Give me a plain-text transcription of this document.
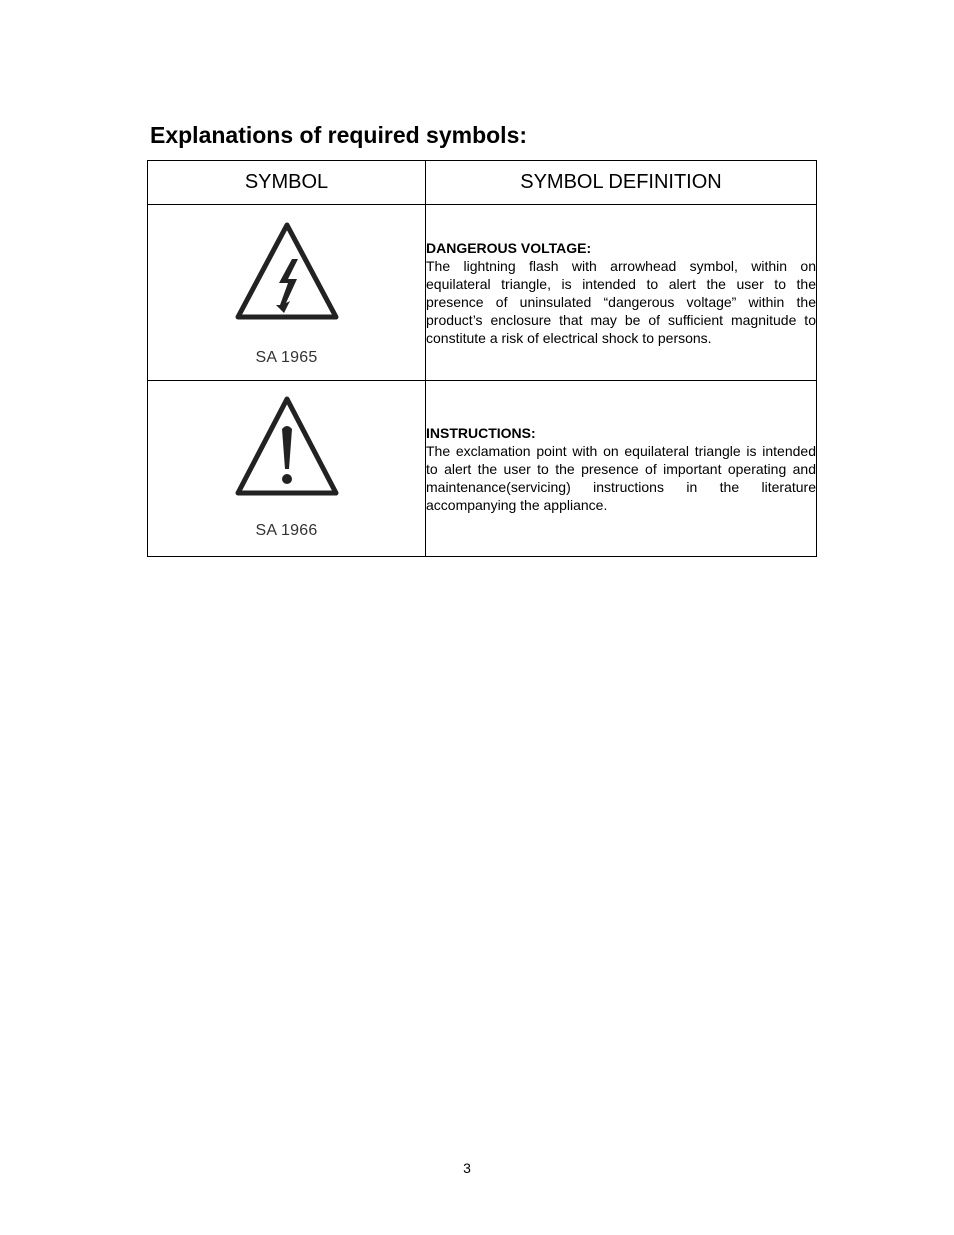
Explanations of required symbols:
SYMBOL	SYMBOL DEFINITION

SA 1965	DANGEROUS VOLTAGE:

The lightning flash with arrowhead symbol, within on equilateral triangle, is intended to alert the user to the presence of uninsulated “dangerous voltage” within the product’s enclosure that may be of sufficient magnitude to constitute a risk of electrical shock to persons.

SA 1966	INSTRUCTIONS:

The exclamation point with on equilateral triangle is intended to alert the user to the presence of important operating and maintenance(servicing) instructions in the literature accompanying the appliance.

3
